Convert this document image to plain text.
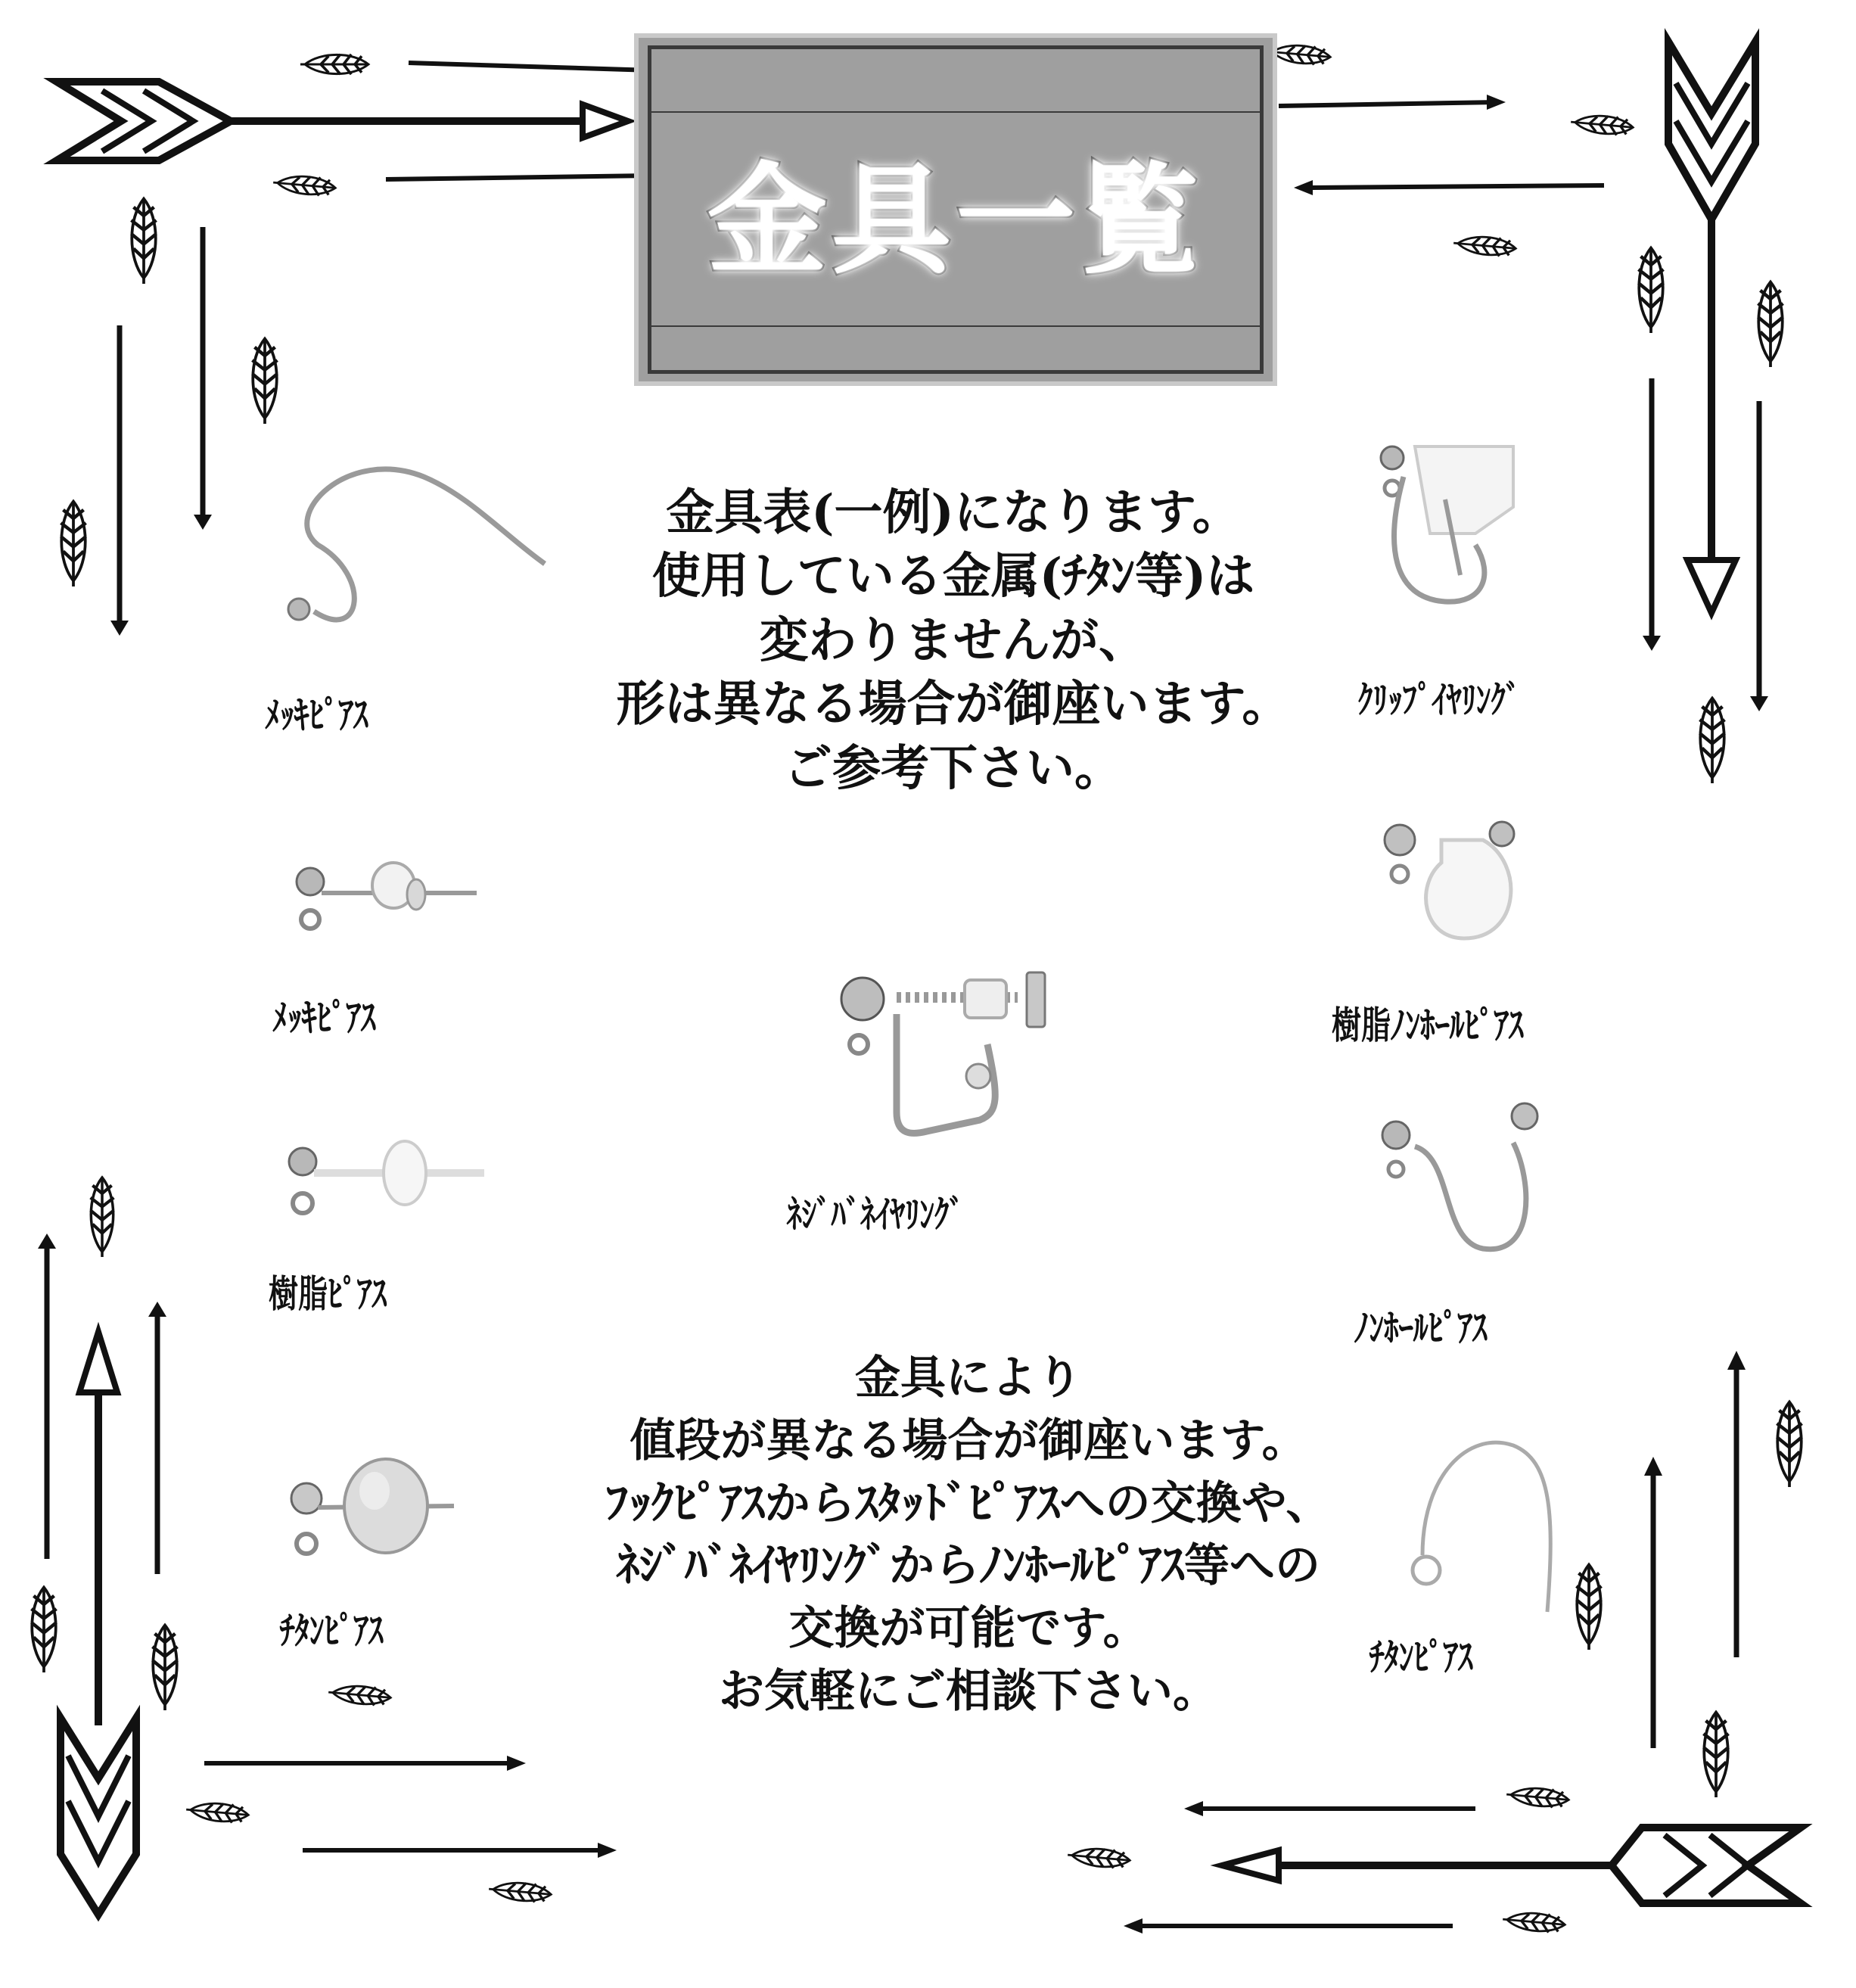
金具一覧
金具表(一例)になります。
使用している金属(ﾁﾀﾝ等)は
変わりませんが、
形は異なる場合が御座います。
ご参考下さい。
金具により
値段が異なる場合が御座います。
ﾌｯｸﾋﾟｱｽからｽﾀｯﾄﾞﾋﾟｱｽへの交換や、
ﾈｼﾞﾊﾞﾈｲﾔﾘﾝｸﾞからﾉﾝﾎｰﾙﾋﾟｱｽ等への
交換が可能です。
お気軽にご相談下さい。
ﾒｯｷﾋﾟｱｽ
ﾒｯｷﾋﾟｱｽ
樹脂ﾋﾟｱｽ
ﾁﾀﾝﾋﾟｱｽ
ｸﾘｯﾌﾟｲﾔﾘﾝｸﾞ
樹脂ﾉﾝﾎｰﾙﾋﾟｱｽ
ﾈｼﾞﾊﾞﾈｲﾔﾘﾝｸﾞ
ﾉﾝﾎｰﾙﾋﾟｱｽ
ﾁﾀﾝﾋﾟｱｽ
